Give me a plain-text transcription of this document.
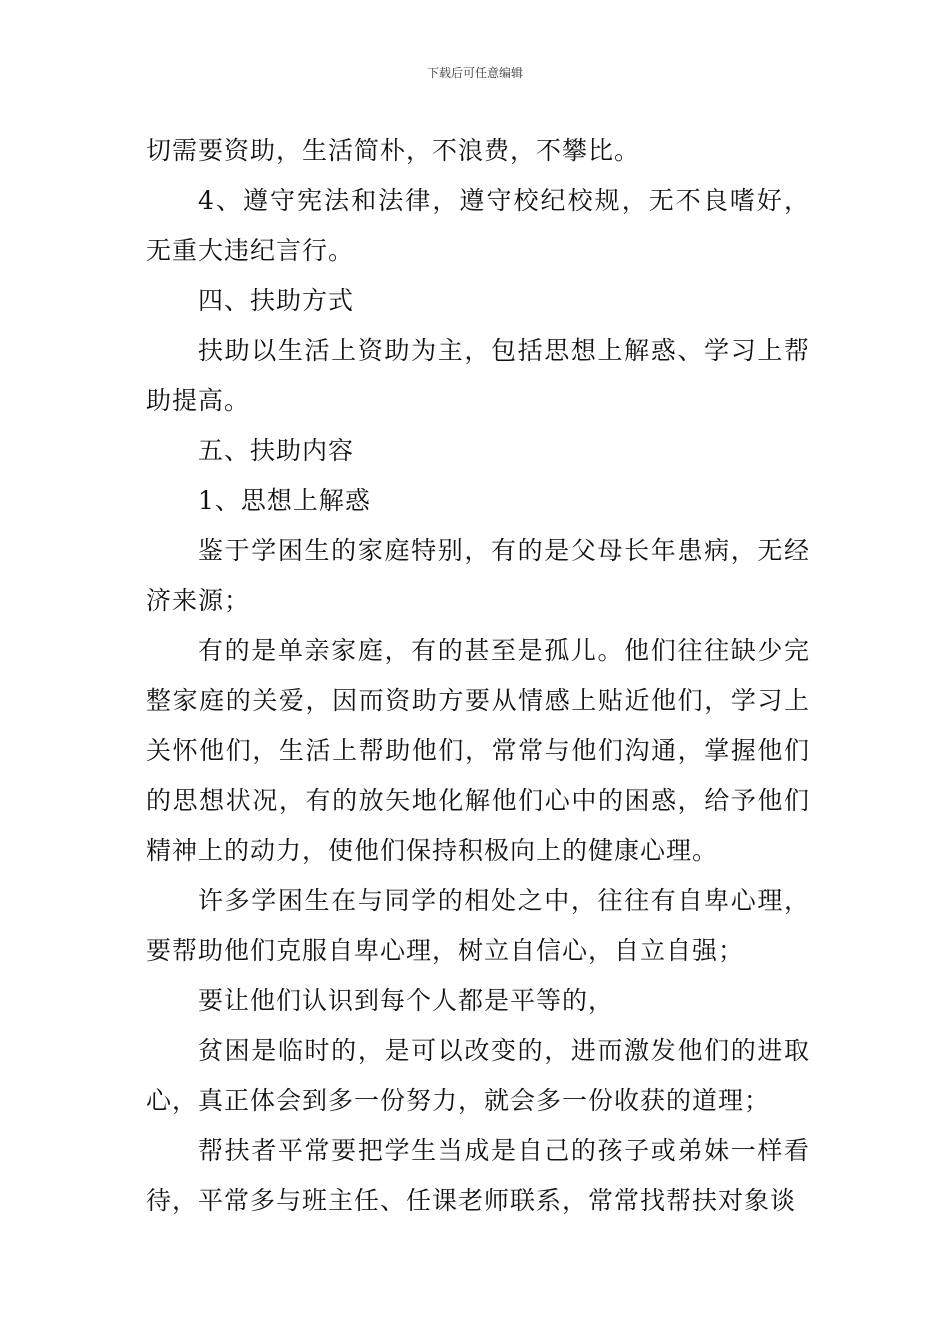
下载后可任意编辑

切需要资助，生活简朴，不浪费，不攀比。

4、遵守宪法和法律，遵守校纪校规，无不良嗜好，无重大违纪言行。

四、扶助方式

扶助以生活上资助为主，包括思想上解惑、学习上帮助提高。

五、扶助内容

1、思想上解惑

鉴于学困生的家庭特别，有的是父母长年患病，无经济来源；

有的是单亲家庭，有的甚至是孤儿。他们往往缺少完整家庭的关爱，因而资助方要从情感上贴近他们，学习上关怀他们，生活上帮助他们，常常与他们沟通，掌握他们的思想状况，有的放矢地化解他们心中的困惑，给予他们精神上的动力，使他们保持积极向上的健康心理。

许多学困生在与同学的相处之中，往往有自卑心理，要帮助他们克服自卑心理，树立自信心，自立自强；

要让他们认识到每个人都是平等的，

贫困是临时的，是可以改变的，进而激发他们的进取心，真正体会到多一份努力，就会多一份收获的道理；

帮扶者平常要把学生当成是自己的孩子或弟妹一样看待，平常多与班主任、任课老师联系，常常找帮扶对象谈
